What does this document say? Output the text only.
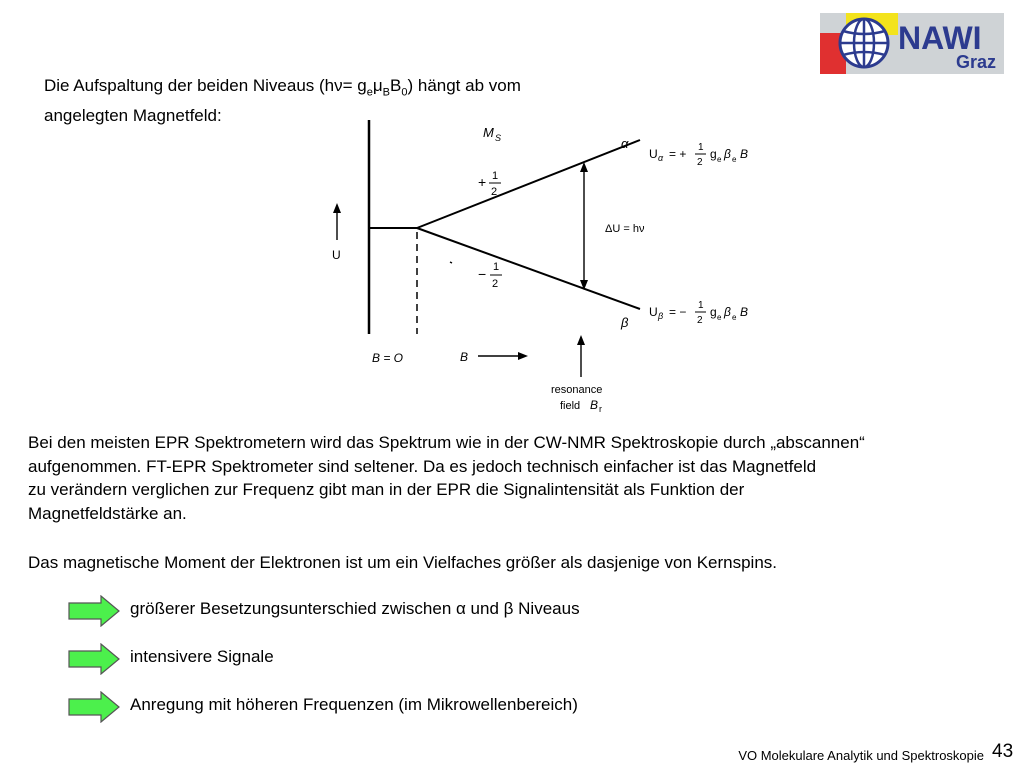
NAWI
Graz
Die Aufspaltung der beiden Niveaus $(h\nu= g_e\mu_BB_0)$ hängt ab vom
angelegten Magnetfeld:
M S
+ 1
2
− 1
2
α
β
U
U α = + 1
2
g e β e B
U β = − 1
2
g e β e B
ΔU = hν
B = O	B
resonance
field B r
Bei den meisten EPR Spektrometern wird das Spektrum wie in der CW-NMR Spektroskopie durch „abscannen“
aufgenommen. FT-EPR Spektrometer sind seltener. Da es jedoch technisch einfacher ist das Magnetfeld
zu verändern verglichen zur Frequenz gibt man in der EPR die Signalintensität als Funktion der
Magnetfeldstärke an.
Das magnetische Moment der Elektronen ist um ein Vielfaches größer als dasjenige von Kernspins.
größerer Besetzungsunterschied zwischen α und β Niveaus
intensivere Signale
Anregung mit höheren Frequenzen (im Mikrowellenbereich)
VO Molekulare Analytik und Spektroskopie 43
